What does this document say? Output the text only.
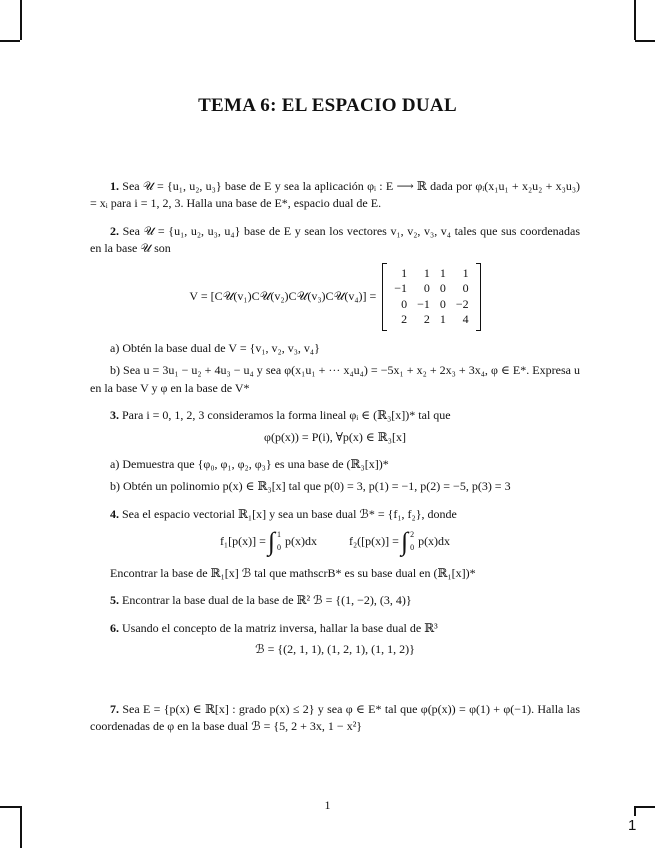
TEMA 6: EL ESPACIO DUAL

1. Sea 𝒰 = {u₁, u₂, u₃} base de E y sea la aplicación φᵢ : E ⟶ ℝ dada por φᵢ(x₁u₁ + x₂u₂ + x₃u₃) = xᵢ para i = 1, 2, 3. Halla una base de E*, espacio dual de E.

2. Sea 𝒰 = {u₁, u₂, u₃, u₄} base de E y sean los vectores v₁, v₂, v₃, v₄ tales que sus coordenadas en la base 𝒰 son

V = [C𝒰(v₁)C𝒰(v₂)C𝒰(v₃)C𝒰(v₄)] =
1	1	1	1
−1	0	0	0
0	−1	0	−2
2	2	1	4

a) Obtén la base dual de V = {v₁, v₂, v₃, v₄}

b) Sea u = 3u₁ − u₂ + 4u₃ − u₄ y sea φ(x₁u₁ + ··· x₄u₄) = −5x₁ + x₂ + 2x₃ + 3x₄, φ ∈ E*. Expresa u en la base V y φ en la base de V*

3. Para i = 0, 1, 2, 3 consideramos la forma lineal φᵢ ∈ (ℝ₃[x])* tal que

φ(p(x)) = P(i), ∀p(x) ∈ ℝ₃[x]

a) Demuestra que {φ₀, φ₁, φ₂, φ₃} es una base de (ℝ₃[x])*

b) Obtén un polinomio p(x) ∈ ℝ₃[x] tal que p(0) = 3, p(1) = −1, p(2) = −5, p(3) = 3

4. Sea el espacio vectorial ℝ₁[x] y sea un base dual ℬ* = {f₁, f₂}, donde

f₁[p(x)] = ∫ 1
0 p(x)dx	f₂([p(x)] = ∫ 2
0 p(x)dx

Encontrar la base de ℝ₁[x] ℬ tal que mathscrB* es su base dual en (ℝ₁[x])*

5. Encontrar la base dual de la base de ℝ² ℬ = {(1, −2), (3, 4)}

6. Usando el concepto de la matriz inversa, hallar la base dual de ℝ³

ℬ = {(2, 1, 1), (1, 2, 1), (1, 1, 2)}

7. Sea E = {p(x) ∈ ℝ[x] : grado p(x) ≤ 2} y sea φ ∈ E* tal que φ(p(x)) = φ(1) + φ(−1). Halla las coordenadas de φ en la base dual ℬ = {5, 2 + 3x, 1 − x²}

1
1
